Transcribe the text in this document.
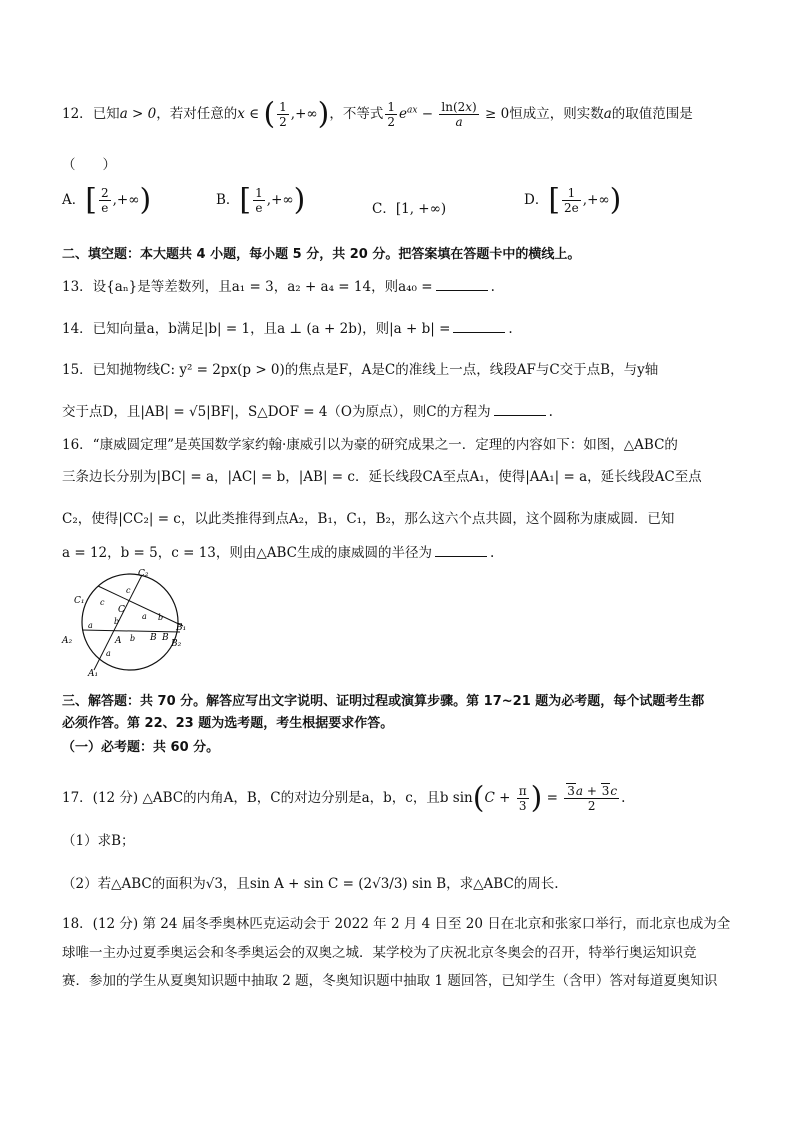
12．已知a > 0，若对任意的x ∈ ( $\frac{1}{2}$ ,+∞)，不等式 $\frac{1}{2} e^{ax} - \frac{\ln(2x)}{a} \ge 0$恒成立，则实数a的取值范围是
（　　）
A．[ $\frac{2}{e}$ ,+∞)	B．[ $\frac{1}{e}$ ,+∞)	C．[1, +∞)
D．[ $\frac{1}{2e}$ ,+∞)
二、填空题：本大题共 4 小题，每小题 5 分，共 20 分。把答案填在答题卡中的横线上。
13．设{aₙ}是等差数列，且a₁ = 3，a₂ + a₄ = 14，则a₄₀ =	.
14．已知向量a，b满足|b| = 1，且a ⊥ (a + 2b)，则|a + b| =	.
15．已知抛物线C: y² = 2px(p > 0)的焦点是F，A是C的准线上一点，线段AF与C交于点B，与y轴
交于点D，且|AB| = √5|BF|，S△DOF = 4（O为原点），则C的方程为	.
16．“康威圆定理”是英国数学家约翰·康威引以为豪的研究成果之一．定理的内容如下：如图，△ABC的
三条边长分别为|BC| = a，|AC| = b，|AB| = c．延长线段CA至点A₁，使得|AA₁| = a，延长线段AC至点
C₂，使得|CC₂| = c，以此类推得到点A₂，B₁，C₁，B₂，那么这六个点共圆，这个圆称为康威圆．已知
a = 12，b = 5，c = 13，则由△ABC生成的康威圆的半径为	.
C₂
C₁
C
A₂	A
A₁
B B
B₁
B₂
c
c
a
a
a
b
b
b
三、解答题：共 70 分。解答应写出文字说明、证明过程或演算步骤。第 17~21 题为必考题，每个试题考生都
必须作答。第 22、23 题为选考题，考生根据要求作答。
（一）必考题：共 60 分。
17．(12 分) △ABC的内角A，B，C的对边分别是a，b，c，且b $\sin(C + \frac{\pi}{3}$ ) = $\frac{3a + 3c}{2}$ .
（1）求B；
（2）若△ABC的面积为√3，且sin A + sin C = (2√3/3) sin B，求△ABC的周长.
18．(12 分) 第 24 届冬季奥林匹克运动会于 2022 年 2 月 4 日至 20 日在北京和张家口举行，而北京也成为全
球唯一主办过夏季奥运会和冬季奥运会的双奥之城．某学校为了庆祝北京冬奥会的召开，特举行奥运知识竞
赛．参加的学生从夏奥知识题中抽取 2 题，冬奥知识题中抽取 1 题回答，已知学生（含甲）答对每道夏奥知识
